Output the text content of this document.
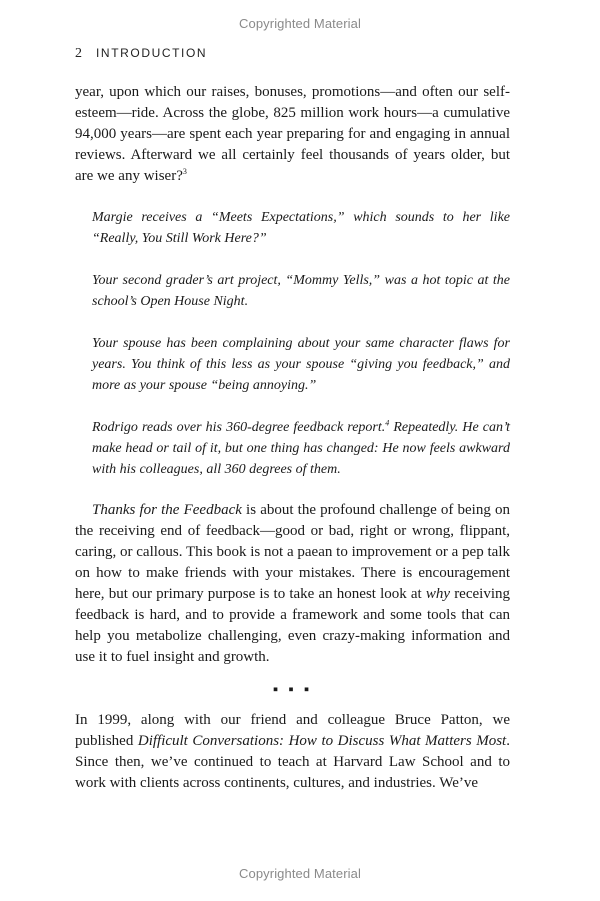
Copyrighted Material
2 INTRODUCTION

year, upon which our raises, bonuses, promotions—and often our self-esteem—ride. Across the globe, 825 million work hours—a cumulative 94,000 years—are spent each year preparing for and engaging in annual reviews. Afterward we all certainly feel thousands of years older, but are we any wiser?$^3$

Margie receives a “Meets Expectations,” which sounds to her like “Really, You Still Work Here?”

Your second grader’s art project, “Mommy Yells,” was a hot topic at the school’s Open House Night.

Your spouse has been complaining about your same character flaws for years. You think of this less as your spouse “giving you feedback,” and more as your spouse “being annoying.”

Rodrigo reads over his 360-degree feedback report.$^4$ Repeatedly. He can’t make head or tail of it, but one thing has changed: He now feels awkward with his colleagues, all 360 degrees of them.

Thanks for the Feedback is about the profound challenge of being on the receiving end of feedback—good or bad, right or wrong, flippant, caring, or callous. This book is not a paean to improvement or a pep talk on how to make friends with your mistakes. There is encouragement here, but our primary purpose is to take an honest look at why receiving feedback is hard, and to provide a framework and some tools that can help you metabolize challenging, even crazy-making information and use it to fuel insight and growth.

▪ ▪ ▪

In 1999, along with our friend and colleague Bruce Patton, we published Difficult Conversations: How to Discuss What Matters Most. Since then, we’ve continued to teach at Harvard Law School and to work with clients across continents, cultures, and industries. We’ve

Copyrighted Material
